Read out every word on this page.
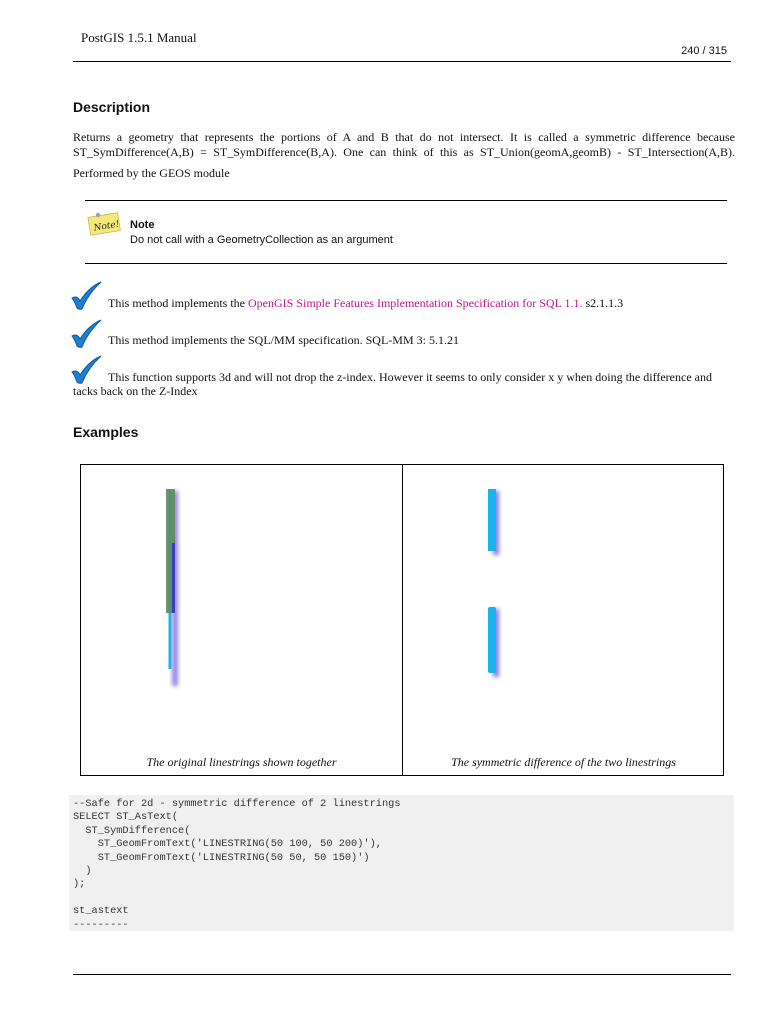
PostGIS 1.5.1 Manual
240 / 315
Description
Returns a geometry that represents the portions of A and B that do not intersect. It is called a symmetric difference because ST_SymDifference(A,B) = ST_SymDifference(B,A). One can think of this as ST_Union(geomA,geomB) - ST_Intersection(A,B).
Performed by the GEOS module
Note! Note
Do not call with a GeometryCollection as an argument
This method implements the OpenGIS Simple Features Implementation Specification for SQL 1.1. s2.1.1.3
This method implements the SQL/MM specification. SQL-MM 3: 5.1.21
This function supports 3d and will not drop the z-index. However it seems to only consider x y when doing the difference and tacks back on the Z-Index
Examples
The original linestrings shown together	The symmetric difference of the two linestrings
--Safe for 2d - symmetric difference of 2 linestrings
SELECT ST_AsText(
ST_SymDifference(
ST_GeomFromText('LINESTRING(50 100, 50 200)'),
ST_GeomFromText('LINESTRING(50 50, 50 150)')
)
);

st_astext
---------
